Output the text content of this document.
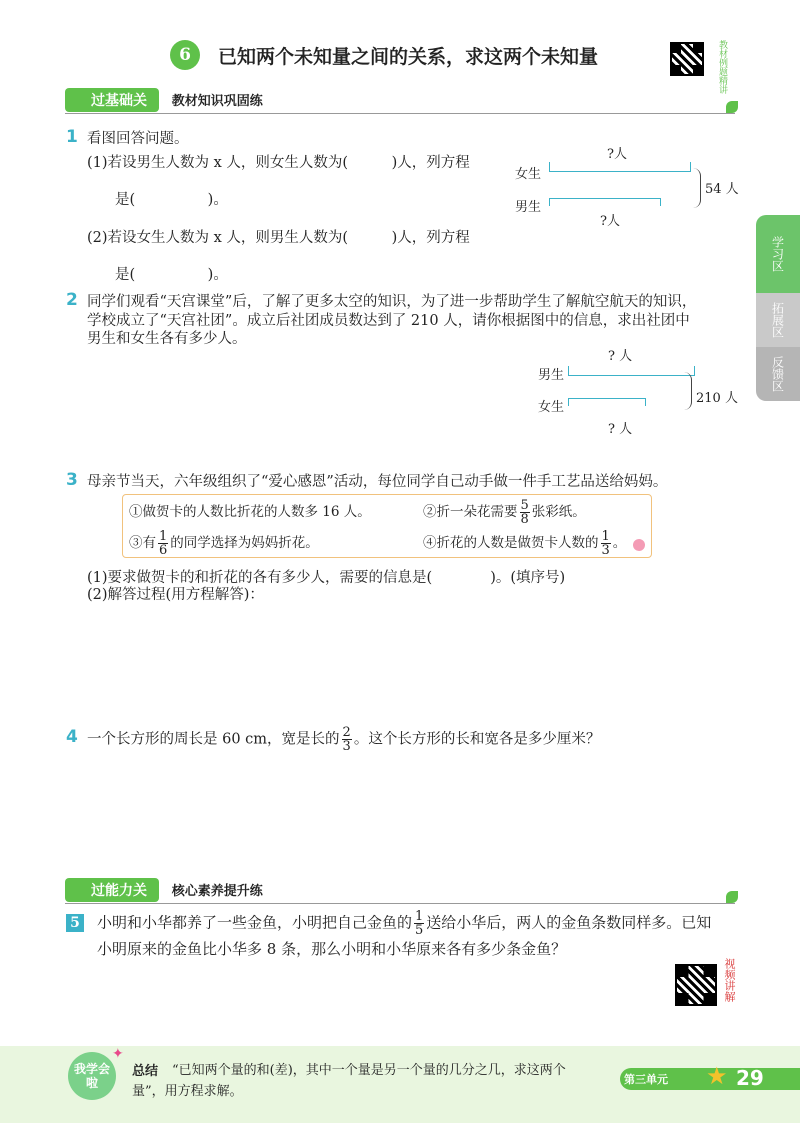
6	已知两个未知量之间的关系，求这两个未知量	教材例题精讲
过基础关 教材知识巩固练
1 看图回答问题。
(1)若设男生人数为 x 人，则女生人数为(　　　)人，列方程
是(　　　　　)。
(2)若设女生人数为 x 人，则男生人数为(　　　)人，列方程
是(　　　　　)。
?人
女生
54 人
男生
?人
2 同学们观看“天宫课堂”后，了解了更多太空的知识，为了进一步帮助学生了解航空航天的知识，
学校成立了“天宫社团”。成立后社团成员数达到了 210 人，请你根据图中的信息，求出社团中
男生和女生各有多少人。
? 人
男生
210 人
女生
? 人
3 母亲节当天，六年级组织了“爱心感恩”活动，每位同学自己动手做一件手工艺品送给妈妈。
①做贺卡的人数比折花的人数多 16 人。	②折一朵花需要 $\frac{5}{8}$ 张彩纸。
③有 $\frac{1}{6}$ 的同学选择为妈妈折花。	④折花的人数是做贺卡人数的 $\frac{1}{3}$ 。
(1)要求做贺卡的和折花的各有多少人，需要的信息是(　　　　)。(填序号)
(2)解答过程(用方程解答)：
4 一个长方形的周长是 60 cm，宽是长的 $\frac{2}{3}$ 。这个长方形的长和宽各是多少厘米？
过能力关 核心素养提升练
5 小明和小华都养了一些金鱼，小明把自己金鱼的 $\frac{1}{5}$ 送给小华后，两人的金鱼条数同样多。已知
小明原来的金鱼比小华多 8 条，那么小明和小华原来各有多少条金鱼？
视频讲解
学习区
拓展区
反馈区
我学会啦
✦
总结 “已知两个量的和(差)，其中一个量是另一个量的几分之几，求这两个
量”，用方程求解。
第三单元 ★ 29
